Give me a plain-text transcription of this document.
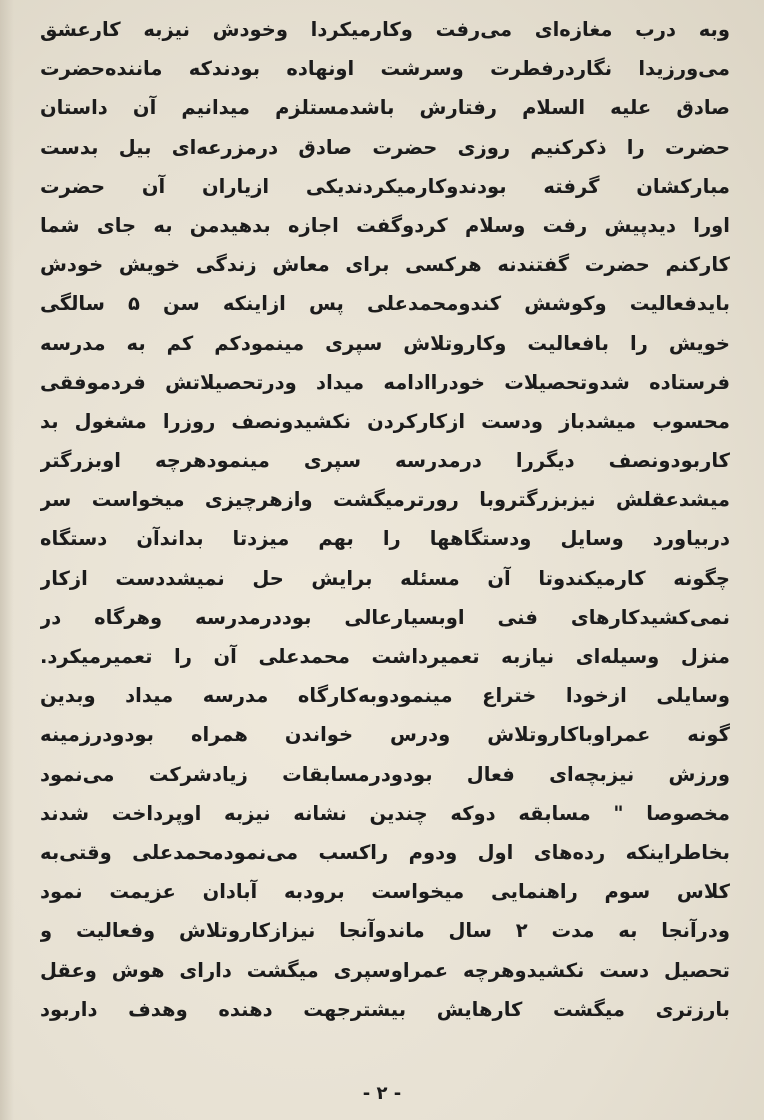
وبه درب مغازه‌ای می‌رفت وکارمیکردا وخودش نیزبه کارعشق
می‌ورزیدا نگاردرفطرت وسرشت اونهاده بودندکه ماننده‌حضرت
صادق علیه السلام رفتارش باشدمستلزم میدانیم آن داستان
حضرت را ذکرکنیم روزی حضرت صادق درمزرعه‌ای بیل بدست
مبارکشان گرفته بودندوکارمیکردندیکی ازیاران آن حضرت
اورا دیدپیش رفت وسلام کردوگفت اجازه بدهیدمن به جای شما
کارکنم حضرت گفتندنه هرکسی برای معاش زندگی خویش خودش
بایدفعالیت وکوشش کندومحمدعلی پس ازاینکه سن ۵ سالگی
خویش را بافعالیت وکاروتلاش سپری مینمودکم کم به مدرسه
فرستاده شدوتحصیلات خودراادامه میداد ودرتحصیلاتش فردموفقی
محسوب میشدباز ودست ازکارکردن نکشیدونصف روزرا مشغول بد
کاربودونصف دیگررا درمدرسه سپری مینمودهرچه اوبزرگتر
میشدعقلش نیزبزرگتروبا رورترمیگشت وازهرچیزی میخواست سر
دربیاورد وسایل ودستگاهها را بهم میزدتا بداندآن دستگاه
چگونه کارمیکندوتا آن مسئله برایش حل نمیشددست ازکار
نمی‌کشیدکارهای فنی اوبسیارعالی بوددرمدرسه وهرگاه در
منزل وسیله‌ای نیازبه تعمیرداشت محمدعلی آن را تعمیرمیکرد.
وسایلی ازخودا ختراع مینمودوبه‌کارگاه مدرسه میداد وبدین
گونه عمراوباکاروتلاش ودرس خواندن همراه بودودرزمینه
ورزش نیزبچه‌ای فعال بودودرمسابقات زیادشرکت می‌نمود
مخصوصا " مسابقه دوکه چندین نشانه نیزبه اوپرداخت شدند
بخاطراینکه رده‌های اول ودوم راکسب می‌نمودمحمدعلی وقتی‌به
کلاس سوم راهنمایی میخواست برودبه آبادان عزیمت نمود
ودرآنجا به مدت ۲ سال ماندوآنجا نیزازکاروتلاش وفعالیت و
تحصیل دست نکشیدوهرچه عمراوسپری میگشت دارای هوش وعقل
بارزتری میگشت کارهایش بیشترجهت دهنده وهدف داربود
- ۲ -
